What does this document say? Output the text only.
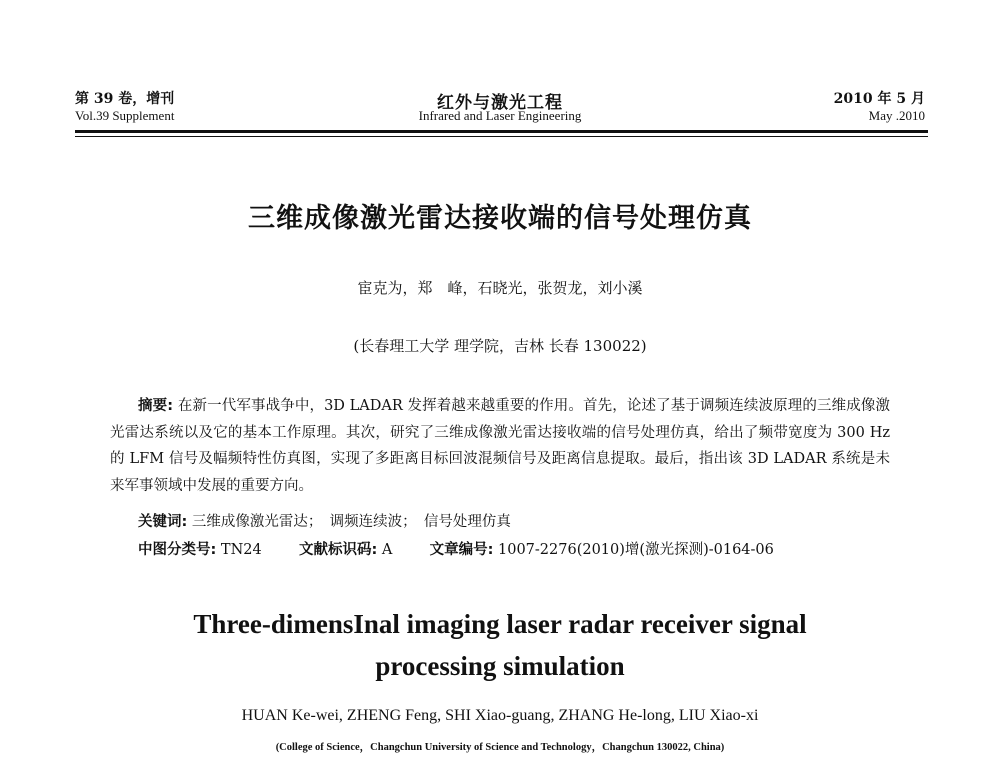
第 39 卷，增刊	红外与激光工程	2010 年 5 月
Vol.39 Supplement	Infrared and Laser Engineering	May .2010
三维成像激光雷达接收端的信号处理仿真
宦克为，郑　峰，石晓光，张贺龙，刘小溪
(长春理工大学 理学院，吉林 长春 130022)
摘要: 在新一代军事战争中，3D LADAR 发挥着越来越重要的作用。首先，论述了基于调频连续波原理的三维成像激光雷达系统以及它的基本工作原理。其次，研究了三维成像激光雷达接收端的信号处理仿真，给出了频带宽度为 300 Hz 的 LFM 信号及幅频特性仿真图，实现了多距离目标回波混频信号及距离信息提取。最后，指出该 3D LADAR 系统是未来军事领域中发展的重要方向。
关键词: 三维成像激光雷达；　调频连续波；　信号处理仿真
中图分类号: TN24	文献标识码: A	文章编号: 1007-2276(2010)增(激光探测)-0164-06
Three-dimensInal imaging laser radar receiver signal
processing simulation
HUAN Ke-wei, ZHENG Feng, SHI Xiao-guang, ZHANG He-long, LIU Xiao-xi
(College of Science，Changchun University of Science and Technology，Changchun 130022, China)
